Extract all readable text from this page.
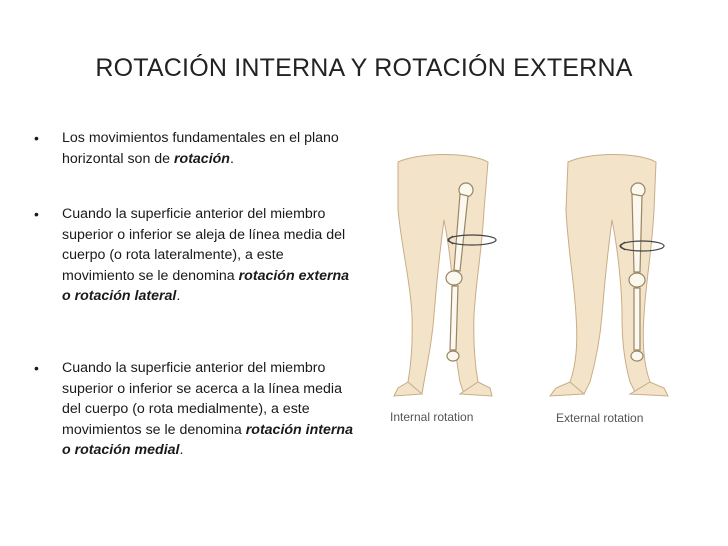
ROTACIÓN INTERNA Y ROTACIÓN EXTERNA
• Los movimientos fundamentales en el plano horizontal son de rotación.
• Cuando la superficie anterior del miembro superior o inferior se aleja de línea media del cuerpo (o rota lateralmente), a este movimiento se le denomina rotación externa o rotación lateral.
• Cuando la superficie anterior del miembro superior o inferior se acerca a la línea media del cuerpo (o rota medialmente), a este movimientos se le denomina rotación interna o rotación medial.
Internal rotation	External rotation
